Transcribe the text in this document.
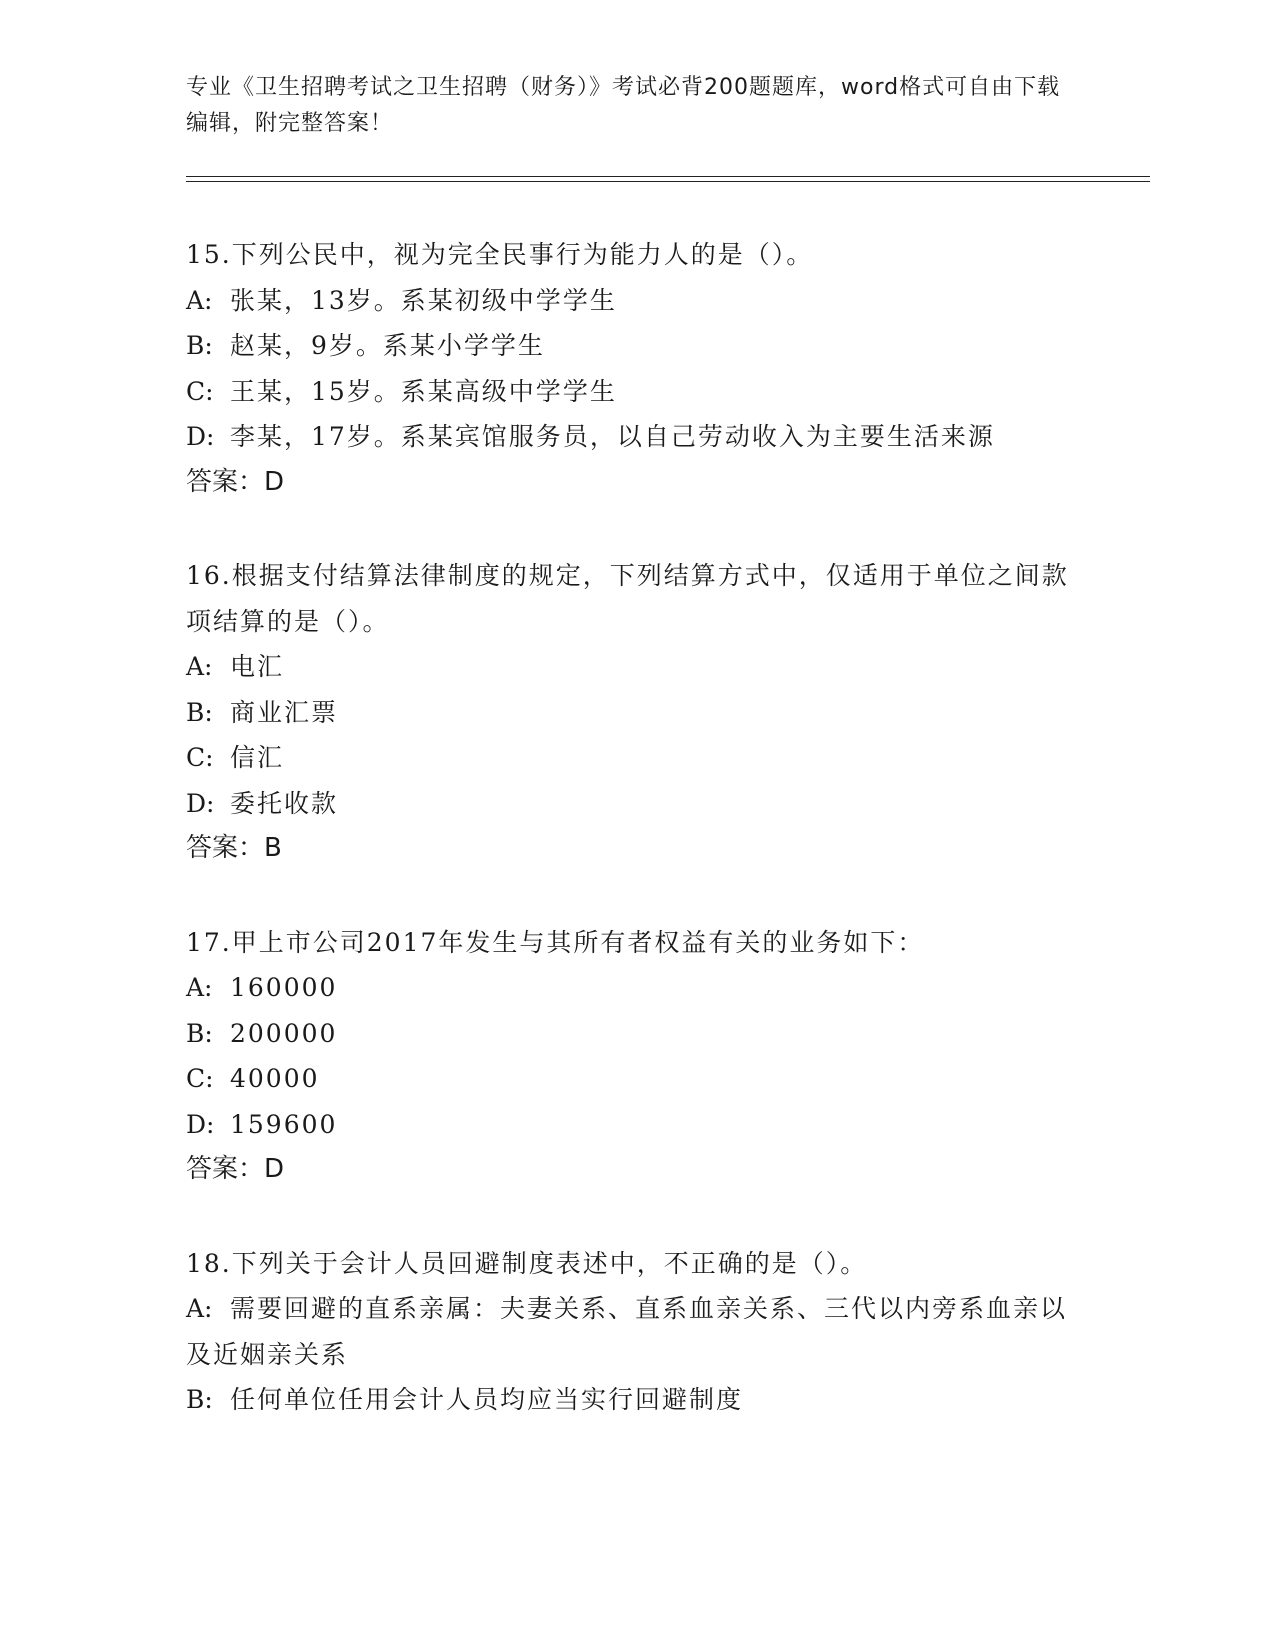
专业《卫生招聘考试之卫生招聘（财务）》考试必背200题题库，word格式可自由下载编辑，附完整答案！

15.下列公民中，视为完全民事行为能力人的是（）。

A: 张某，13岁。系某初级中学学生

B: 赵某，9岁。系某小学学生

C: 王某，15岁。系某高级中学学生

D: 李某，17岁。系某宾馆服务员，以自己劳动收入为主要生活来源

答案：D

16.根据支付结算法律制度的规定，下列结算方式中，仅适用于单位之间款项结算的是（）。

A: 电汇

B: 商业汇票

C: 信汇

D: 委托收款

答案：B

17.甲上市公司2017年发生与其所有者权益有关的业务如下：

A: 160000

B: 200000

C: 40000

D: 159600

答案：D

18.下列关于会计人员回避制度表述中，不正确的是（）。

A: 需要回避的直系亲属：夫妻关系、直系血亲关系、三代以内旁系血亲以及近姻亲关系

B: 任何单位任用会计人员均应当实行回避制度
